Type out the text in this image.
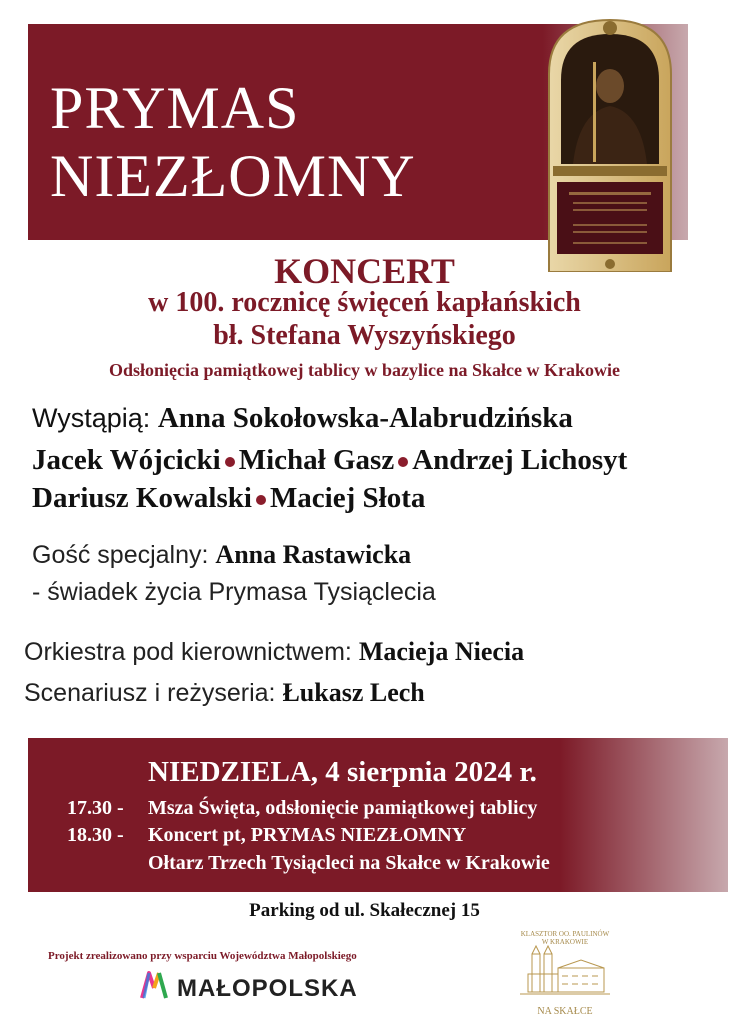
PRYMAS
NIEZŁOMNY
KONCERT
w 100. rocznicę święceń kapłańskich
bł. Stefana Wyszyńskiego
Odsłonięcia pamiątkowej tablicy w bazylice na Skałce w Krakowie
Wystąpią: Anna Sokołowska-Alabrudzińska
Jacek Wójcicki Michał Gasz Andrzej Lichosyt
Dariusz Kowalski Maciej Słota
Gość specjalny: Anna Rastawicka
- świadek życia Prymasa Tysiąclecia
Orkiestra pod kierownictwem: Macieja Niecia
Scenariusz i reżyseria: Łukasz Lech
NIEDZIELA, 4 sierpnia 2024 r.
17.30 - Msza Święta, odsłonięcie pamiątkowej tablicy
18.30 - Koncert pt, PRYMAS NIEZŁOMNY
Ołtarz Trzech Tysiącleci na Skałce w Krakowie
Parking od ul. Skałecznej 15
Projekt zrealizowano przy wsparciu Województwa Małopolskiego
MAŁOPOLSKA
KLASZTOR OO. PAULINÓW
W KRAKOWIE
NA SKAŁCE
